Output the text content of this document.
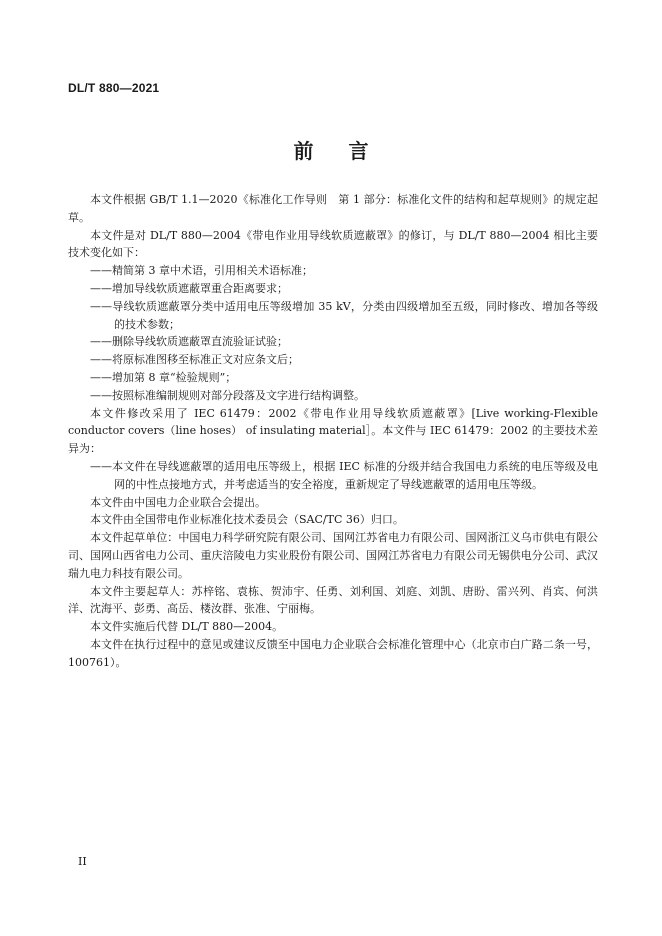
DL/T 880—2021
前 言

本文件根据 GB/T 1.1—2020《标准化工作导则　第 1 部分：标准化文件的结构和起草规则》的规定起草。

本文件是对 DL/T 880—2004《带电作业用导线软质遮蔽罩》的修订，与 DL/T 880—2004 相比主要技术变化如下：

——精简第 3 章中术语，引用相关术语标准；

——增加导线软质遮蔽罩重合距离要求；

——导线软质遮蔽罩分类中适用电压等级增加 35 kV，分类由四级增加至五级，同时修改、增加各等级的技术参数；

——删除导线软质遮蔽罩直流验证试验；

——将原标准图移至标准正文对应条文后；

——增加第 8 章“检验规则”；

——按照标准编制规则对部分段落及文字进行结构调整。

本文件修改采用了 IEC 61479：2002《带电作业用导线软质遮蔽罩》[Live working-Flexible conductor covers（line hoses） of insulating material］。本文件与 IEC 61479：2002 的主要技术差异为：

——本文件在导线遮蔽罩的适用电压等级上，根据 IEC 标准的分级并结合我国电力系统的电压等级及电网的中性点接地方式，并考虑适当的安全裕度，重新规定了导线遮蔽罩的适用电压等级。

本文件由中国电力企业联合会提出。

本文件由全国带电作业标准化技术委员会（SAC/TC 36）归口。

本文件起草单位：中国电力科学研究院有限公司、国网江苏省电力有限公司、国网浙江义乌市供电有限公司、国网山西省电力公司、重庆涪陵电力实业股份有限公司、国网江苏省电力有限公司无锡供电分公司、武汉瑞九电力科技有限公司。

本文件主要起草人：苏梓铭、袁栋、贺沛宇、任勇、刘利国、刘庭、刘凯、唐盼、雷兴列、肖宾、何洪洋、沈海平、彭勇、高岳、楼汝群、张准、宁丽梅。

本文件实施后代替 DL/T 880—2004。

本文件在执行过程中的意见或建议反馈至中国电力企业联合会标准化管理中心（北京市白广路二条一号，100761）。

II
